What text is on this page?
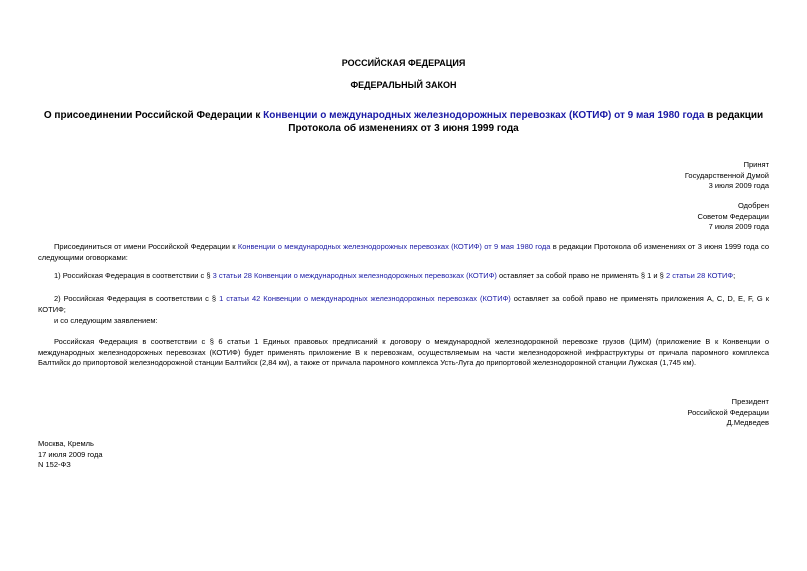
РОССИЙСКАЯ ФЕДЕРАЦИЯ
ФЕДЕРАЛЬНЫЙ ЗАКОН
О присоединении Российской Федерации к Конвенции о международных железнодорожных перевозках (КОТИФ) от 9 мая 1980 года в редакции Протокола об изменениях от 3 июня 1999 года
Принят
Государственной Думой
3 июля 2009 года
Одобрен
Советом Федерации
7 июля 2009 года
Присоединиться от имени Российской Федерации к Конвенции о международных железнодорожных перевозках (КОТИФ) от 9 мая 1980 года в редакции Протокола об изменениях от 3 июня 1999 года со следующими оговорками:
1) Российская Федерация в соответствии с § 3 статьи 28 Конвенции о международных железнодорожных перевозках (КОТИФ) оставляет за собой право не применять § 1 и § 2 статьи 28 КОТИФ;
2) Российская Федерация в соответствии с § 1 статьи 42 Конвенции о международных железнодорожных перевозках (КОТИФ) оставляет за собой право не применять приложения A, C, D, E, F, G к КОТИФ;
и со следующим заявлением:
Российская Федерация в соответствии с § 6 статьи 1 Единых правовых предписаний к договору о международной железнодорожной перевозке грузов (ЦИМ) (приложение B к Конвенции о международных железнодорожных перевозках (КОТИФ) будет применять приложение B к перевозкам, осуществляемым на части железнодорожной инфраструктуры от причала паромного комплекса Балтийск до припортовой железнодорожной станции Балтийск (2,84 км), а также от причала паромного комплекса Усть-Луга до припортовой железнодорожной станции Лужская (1,745 км).
Президент
Российской Федерации
Д.Медведев
Москва, Кремль
17 июля 2009 года
N 152-ФЗ
